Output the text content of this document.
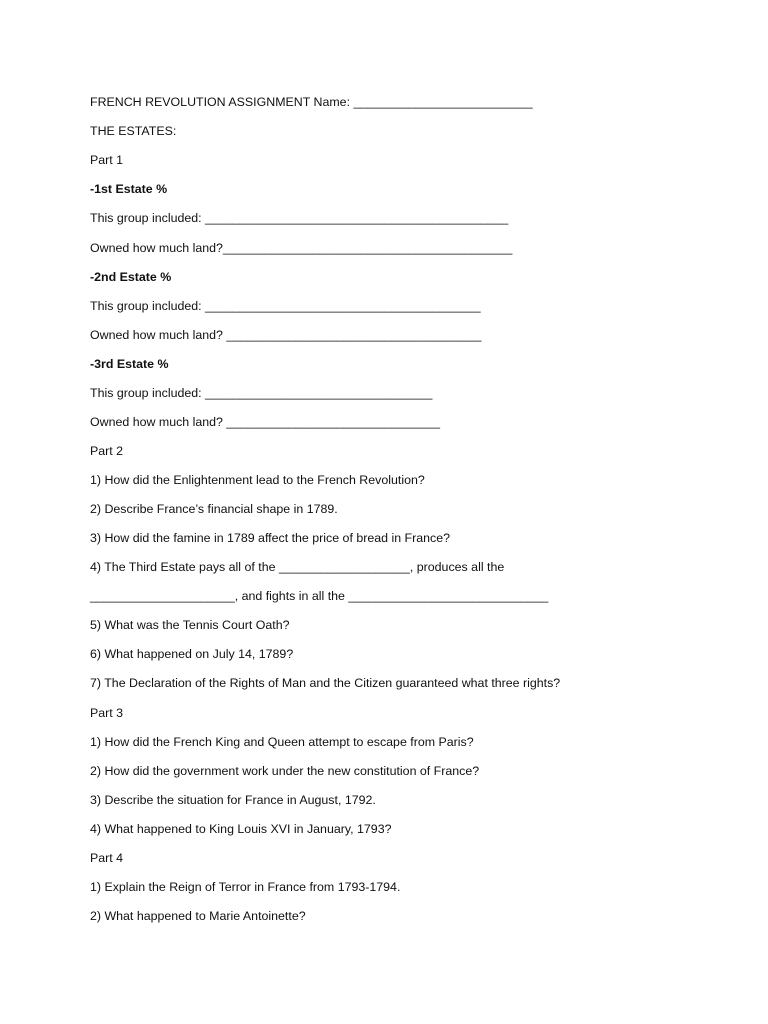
FRENCH REVOLUTION ASSIGNMENT Name: __________________________
THE ESTATES:
Part 1
-1st Estate %
This group included: ____________________________________________
Owned how much land?__________________________________________
-2nd Estate %
This group included: ________________________________________
Owned how much land? _____________________________________
-3rd Estate %
This group included: _________________________________
Owned how much land? _______________________________
Part 2
1) How did the Enlightenment lead to the French Revolution?
2) Describe France’s financial shape in 1789.
3) How did the famine in 1789 affect the price of bread in France?
4) The Third Estate pays all of the ___________________, produces all the
_____________________, and fights in all the _____________________________
5) What was the Tennis Court Oath?
6) What happened on July 14, 1789?
7) The Declaration of the Rights of Man and the Citizen guaranteed what three rights?
Part 3
1) How did the French King and Queen attempt to escape from Paris?
2) How did the government work under the new constitution of France?
3) Describe the situation for France in August, 1792.
4) What happened to King Louis XVI in January, 1793?
Part 4
1) Explain the Reign of Terror in France from 1793-1794.
2) What happened to Marie Antoinette?
